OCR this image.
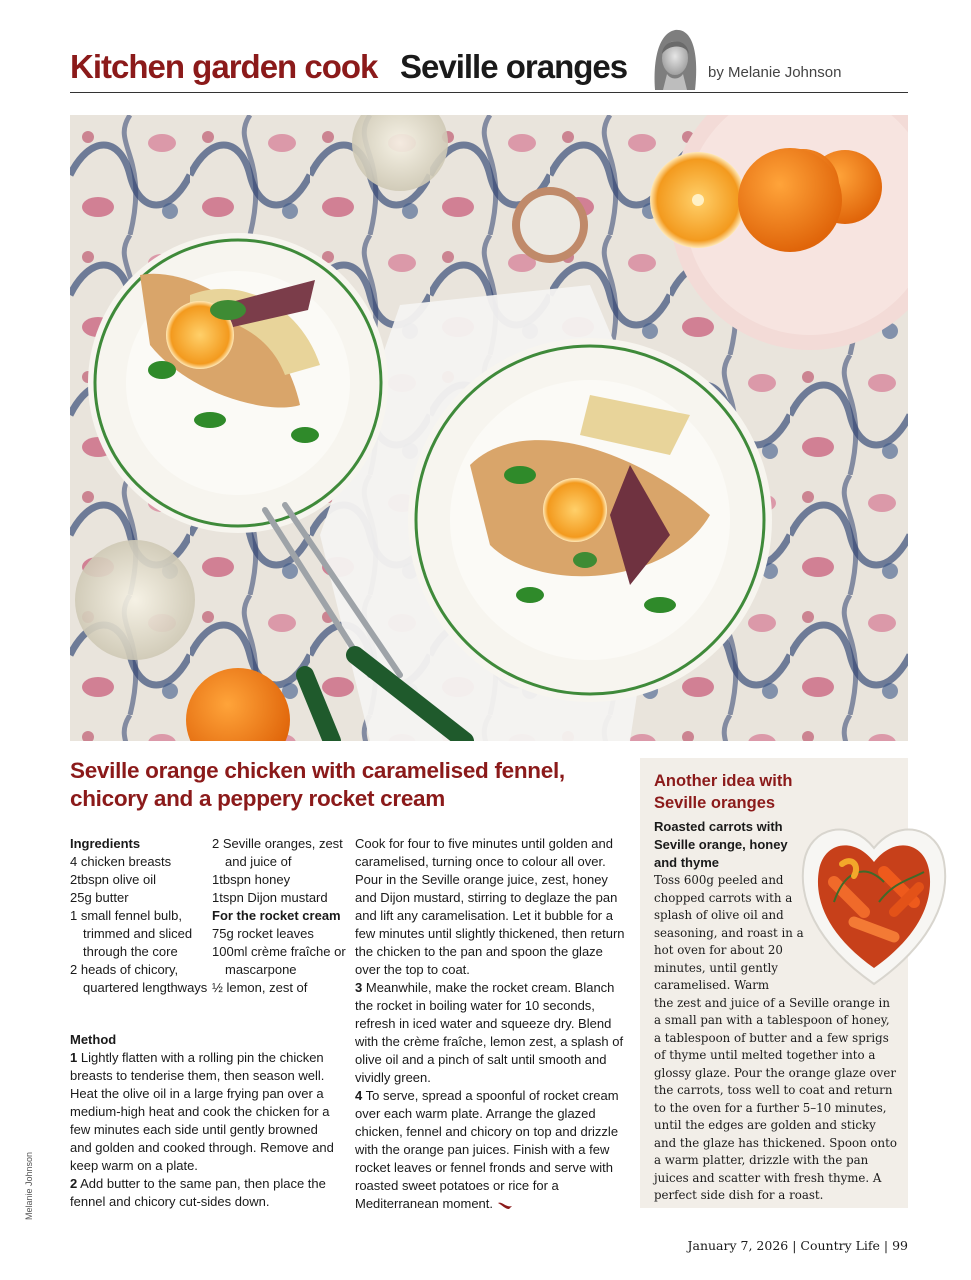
Kitchen garden cook Seville oranges	by Melanie Johnson
Seville orange chicken with caramelised fennel, chicory and a peppery rocket cream

Ingredients

4 chicken breasts

2tbspn olive oil

25g butter

1 small fennel bulb, trimmed and sliced through the core

2 heads of chicory, quartered lengthways

2 Seville oranges, zest and juice of

1tbspn honey

1tspn Dijon mustard

For the rocket cream

75g rocket leaves

100ml crème fraîche or mascarpone

½ lemon, zest of

Method

1 Lightly flatten with a rolling pin the chicken breasts to tenderise them, then season well. Heat the olive oil in a large frying pan over a medium-high heat and cook the chicken for a few minutes each side until gently browned and golden and cooked through. Remove and keep warm on a plate.

2 Add butter to the same pan, then place the fennel and chicory cut-sides down.

Cook for four to five minutes until golden and caramelised, turning once to colour all over. Pour in the Seville orange juice, zest, honey and Dijon mustard, stirring to deglaze the pan and lift any caramelisation. Let it bubble for a few minutes until slightly thickened, then return the chicken to the pan and spoon the glaze over the top to coat.

3 Meanwhile, make the rocket cream. Blanch the rocket in boiling water for 10 seconds, refresh in iced water and squeeze dry. Blend with the crème fraîche, lemon zest, a splash of olive oil and a pinch of salt until smooth and vividly green.

4 To serve, spread a spoonful of rocket cream over each warm plate. Arrange the glazed chicken, fennel and chicory on top and drizzle with the orange pan juices. Finish with a few rocket leaves or fennel fronds and serve with roasted sweet potatoes or rice for a Mediterranean moment.

Another idea with Seville oranges
Roasted carrots with Seville orange, honey and thyme
Toss 600g peeled and chopped carrots with a splash of olive oil and seasoning, and roast in a hot oven for about 20 minutes, until gently caramelised. Warm
the zest and juice of a Seville orange in a small pan with a tablespoon of honey, a tablespoon of butter and a few sprigs of thyme until melted together into a glossy glaze. Pour the orange glaze over the carrots, toss well to coat and return to the oven for a further 5–10 minutes, until the edges are golden and sticky and the glaze has thickened. Spoon onto a warm platter, drizzle with the pan juices and scatter with fresh thyme. A perfect side dish for a roast.
Melanie Johnson
January 7, 2026 | Country Life | 99
